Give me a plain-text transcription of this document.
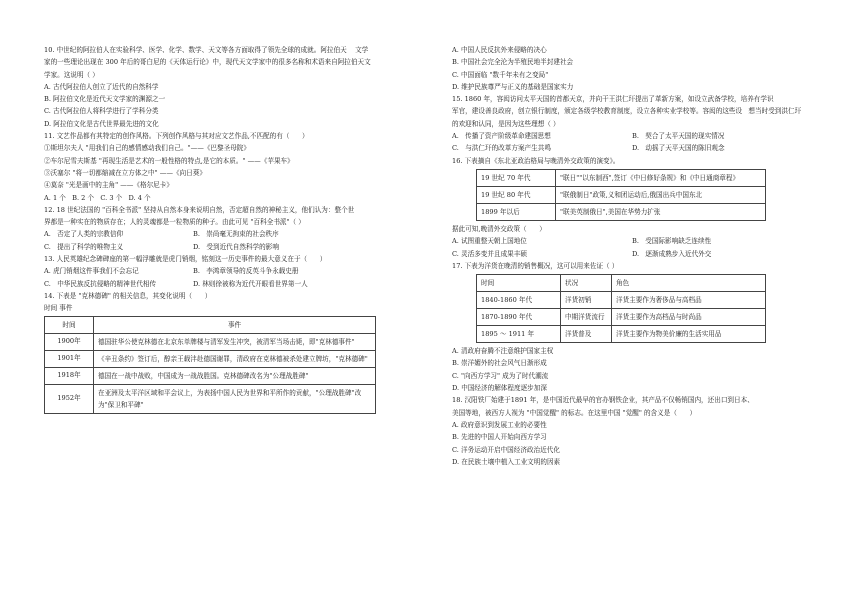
10. 中世纪的阿拉伯人在实验科学、医学、化学、数学、天文等各方面取得了领先全球的成就。阿拉伯天    文学

家的一些理论出现在 300 年后的哥白尼的《天体运行论》中，现代天文学家中的很多名称和术语来自阿拉伯天文

学家。这说明（ ）

A. 古代阿拉伯人创立了近代的自然科学

B. 阿拉伯文化是近代天文学家的渊源之一

C. 古代阿拉伯人将科学进行了学科分类

D. 阿拉伯文化是古代世界最先进的文化

11. 文艺作品都有其特定的创作风格。下列创作风格与其对应文艺作品,不匹配的有（      ）

①斯坦尔夫人 "用我们自己的感情感动我们自己。"——《巴黎圣母院》

②车尔尼雪夫斯基 "再现生活是艺术的一般性格的特点,是它的本质。" ——《苹果车》

③沃塞尔 "将一切都缩减在立方体之中" ——《向日葵》

④莫奈 "光是画中的主角" ——《格尔尼卡》

A. 1 个   B. 2 个   C. 3 个   D. 4 个

12. 18 世纪法国的 "百科全书派" 坚持从自然本身来说明自然，否定超自然的神秘主义，他们认为：整个世

界都是一种实在的物质存在；人的灵魂都是一粒物质的种子。由此可见 "百科全书派"（ ）

A.   否定了人类的宗教信仰	B.   崇尚毫无拘束的社会秩序

C.   提出了科学的唯物主义	D.   受到近代自然科学的影响

13. 人民英雄纪念碑碑座的第一幅浮雕就是虎门销烟，铭刻这一历史事件的最大意义在于（      ）

A. 虎门销烟这件事我们不会忘记	B.   李鸿章领导的反英斗争永载史册

C.   中华民族反抗侵略的精神世代相传	D. 林则徐被称为近代开眼看世界第一人

14. 下表是 "克林德碑" 的相关信息，其变化说明（      ）

时间 事件

时间	事件
1900年	德国驻华公使克林德在北京东单牌楼与清军发生冲突，被清军当场击毙，即"克林德事件"
1901年	《辛丑条约》签订后，醇亲王载沣赴德国谢罪，清政府在克林德被杀处建立牌坊，"克林德碑"
1918年	德国在一战中战败，中国成为一战战胜国。克林德碑改名为"公理战胜碑"
1952年	在亚洲及太平洋区域和平会议上，为表扬中国人民为世界和平所作的贡献，"公理战胜碑"改为"保卫和平碑"

A. 中国人民反抗外来侵略的决心

B. 中国社会完全沦为半殖民地半封建社会

C. 中国面临 "数千年未有之变局"

D. 维护民族尊严与正义的基础是国家实力

15. 1860 年，容闳访问太平天国的首都天京，并向干王洪仁玕提出了革新方案，如设立武备学校，培养有学识

军官，建设善良政府，创立银行制度，颁定各级学校教育制度，设立各种实业学校等。容闳的这些设   想当时受到洪仁玕

的欢迎和认同，是因为这些理想（ ）

A.   传播了资产阶级革命建国思想	B.   契合了太平天国的现实情况

C.   与洪仁玕的改革方案产生共鸣	D.   动摇了天平天国的陈旧观念

16. 下表摘自《东北亚政治格局与晚清外交政策的演变》。

19 世纪 70 年代	"联日""以东制西",签订《中日修好条规》和《中日通商章程》
19 世纪 80 年代	"联俄制日"政策,义和团运动后,俄国出兵中国东北
1899 年以后	"联美英制俄日",美国在华势力扩张

据此可知,晚清外交政策（      ）

A. 试图重整天朝上国地位	B.   受国际影响缺乏连续性

C. 灵活多变并且成果丰硕	D.   逐渐成熟步入近代外交

17. 下表为洋货在晚清的销售概况，这可以用来佐证（ ）

时间	状况	角色
1840-1860 年代	洋货初销	洋货主要作为奢侈品与高档品
1870-1890 年代	中期洋货流行	洋货主要作为高档品与时尚品
1895 ～ 1911 年	洋货普及	洋货主要作为物美价廉的生活实用品

A. 清政府奋腾不注意维护国家主权

B. 崇洋媚外的社会风气日渐形成

C. "向西方学习" 成为了时代潮流

D. 中国经济的解体程度逐步加深

18. 汉阳铁厂始建于1891 年，是中国近代最早的官办钢铁企业，其产品不仅畅销国内，还出口到日本、

美国等地，被西方人视为 "中国觉醒" 的标志。在这里中国 "觉醒" 的含义是（      ）

A. 政府意识到发展工业的必要性

B. 先进的中国人开始向西方学习

C. 洋务运动开启中国经济政治近代化

D. 在民族土壤中植入工业文明的因素
